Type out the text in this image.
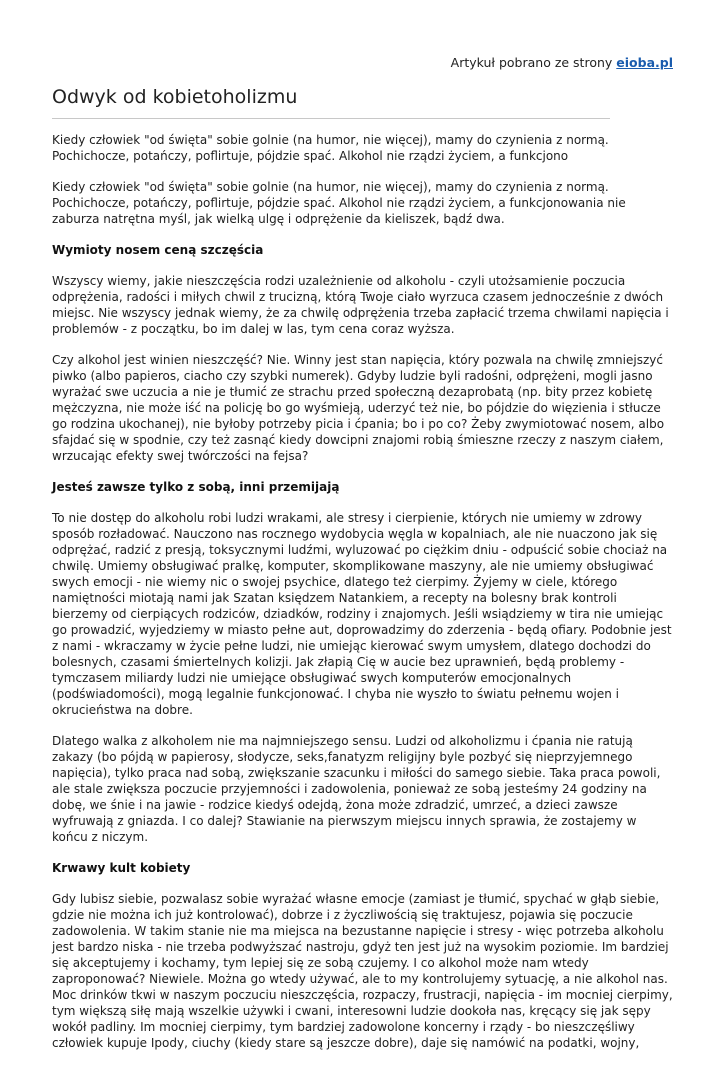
Artykuł pobrano ze strony eioba.pl
Odwyk od kobietoholizmu

Kiedy człowiek "od święta" sobie golnie (na humor, nie więcej), mamy do czynienia z normą. Pochichocze, potańczy, poflirtuje, pójdzie spać. Alkohol nie rządzi życiem, a funkcjono

Kiedy człowiek "od święta" sobie golnie (na humor, nie więcej), mamy do czynienia z normą. Pochichocze, potańczy, poflirtuje, pójdzie spać. Alkohol nie rządzi życiem, a funkcjonowania nie zaburza natrętna myśl, jak wielką ulgę i odprężenie da kieliszek, bądź dwa.

Wymioty nosem ceną szczęścia

Wszyscy wiemy, jakie nieszczęścia rodzi uzależnienie od alkoholu - czyli utożsamienie poczucia odprężenia, radości i miłych chwil z trucizną, którą Twoje ciało wyrzuca czasem jednocześnie z dwóch miejsc. Nie wszyscy jednak wiemy, że za chwilę odprężenia trzeba zapłacić trzema chwilami napięcia i problemów - z początku, bo im dalej w las, tym cena coraz wyższa.

Czy alkohol jest winien nieszczęść? Nie. Winny jest stan napięcia, który pozwala na chwilę zmniejszyć piwko (albo papieros, ciacho czy szybki numerek). Gdyby ludzie byli radośni, odprężeni, mogli jasno wyrażać swe uczucia a nie je tłumić ze strachu przed społeczną dezaprobatą (np. bity przez kobietę mężczyzna, nie może iść na policję bo go wyśmieją, uderzyć też nie, bo pójdzie do więzienia i stłucze go rodzina ukochanej), nie byłoby potrzeby picia i ćpania; bo i po co? Żeby zwymiotować nosem, albo sfajdać się w spodnie, czy też zasnąć kiedy dowcipni znajomi robią śmieszne rzeczy z naszym ciałem, wrzucając efekty swej twórczości na fejsa?

Jesteś zawsze tylko z sobą, inni przemijają

To nie dostęp do alkoholu robi ludzi wrakami, ale stresy i cierpienie, których nie umiemy w zdrowy sposób rozładować. Nauczono nas rocznego wydobycia węgla w kopalniach, ale nie nuaczono jak się odprężać, radzić z presją, toksycznymi ludźmi, wyluzować po ciężkim dniu - odpuścić sobie chociaż na chwilę. Umiemy obsługiwać pralkę, komputer, skomplikowane maszyny, ale nie umiemy obsługiwać swych emocji - nie wiemy nic o swojej psychice, dlatego też cierpimy. Żyjemy w ciele, którego namiętności miotają nami jak Szatan księdzem Natankiem, a recepty na bolesny brak kontroli bierzemy od cierpiących rodziców, dziadków, rodziny i znajomych. Jeśli wsiądziemy w tira nie umiejąc go prowadzić, wyjedziemy w miasto pełne aut, doprowadzimy do zderzenia - będą ofiary. Podobnie jest z nami - wkraczamy w życie pełne ludzi, nie umiejąc kierować swym umysłem, dlatego dochodzi do bolesnych, czasami śmiertelnych kolizji. Jak złapią Cię w aucie bez uprawnień, będą problemy - tymczasem miliardy ludzi nie umiejące obsługiwać swych komputerów emocjonalnych (podświadomości), mogą legalnie funkcjonować. I chyba nie wyszło to światu pełnemu wojen i okrucieństwa na dobre.

Dlatego walka z alkoholem nie ma najmniejszego sensu. Ludzi od alkoholizmu i ćpania nie ratują zakazy (bo pójdą w papierosy, słodycze, seks,fanatyzm religijny byle pozbyć się nieprzyjemnego napięcia), tylko praca nad sobą, zwiększanie szacunku i miłości do samego siebie. Taka praca powoli, ale stale zwiększa poczucie przyjemności i zadowolenia, ponieważ ze sobą jesteśmy 24 godziny na dobę, we śnie i na jawie - rodzice kiedyś odejdą, żona może zdradzić, umrzeć, a dzieci zawsze wyfruwają z gniazda. I co dalej? Stawianie na pierwszym miejscu innych sprawia, że zostajemy w końcu z niczym.

Krwawy kult kobiety

Gdy lubisz siebie, pozwalasz sobie wyrażać własne emocje (zamiast je tłumić, spychać w głąb siebie, gdzie nie można ich już kontrolować), dobrze i z życzliwością się traktujesz, pojawia się poczucie zadowolenia. W takim stanie nie ma miejsca na bezustanne napięcie i stresy - więc potrzeba alkoholu jest bardzo niska - nie trzeba podwyższać nastroju, gdyż ten jest już na wysokim poziomie. Im bardziej się akceptujemy i kochamy, tym lepiej się ze sobą czujemy. I co alkohol może nam wtedy zaproponować? Niewiele. Można go wtedy używać, ale to my kontrolujemy sytuację, a nie alkohol nas. Moc drinków tkwi w naszym poczuciu nieszczęścia, rozpaczy, frustracji, napięcia - im mocniej cierpimy, tym większą siłę mają wszelkie używki i cwani, interesowni ludzie dookoła nas, kręcący się jak sępy wokół padliny. Im mocniej cierpimy, tym bardziej zadowolone koncerny i rządy - bo nieszczęśliwy człowiek kupuje Ipody, ciuchy (kiedy stare są jeszcze dobre), daje się namówić na podatki, wojny,
